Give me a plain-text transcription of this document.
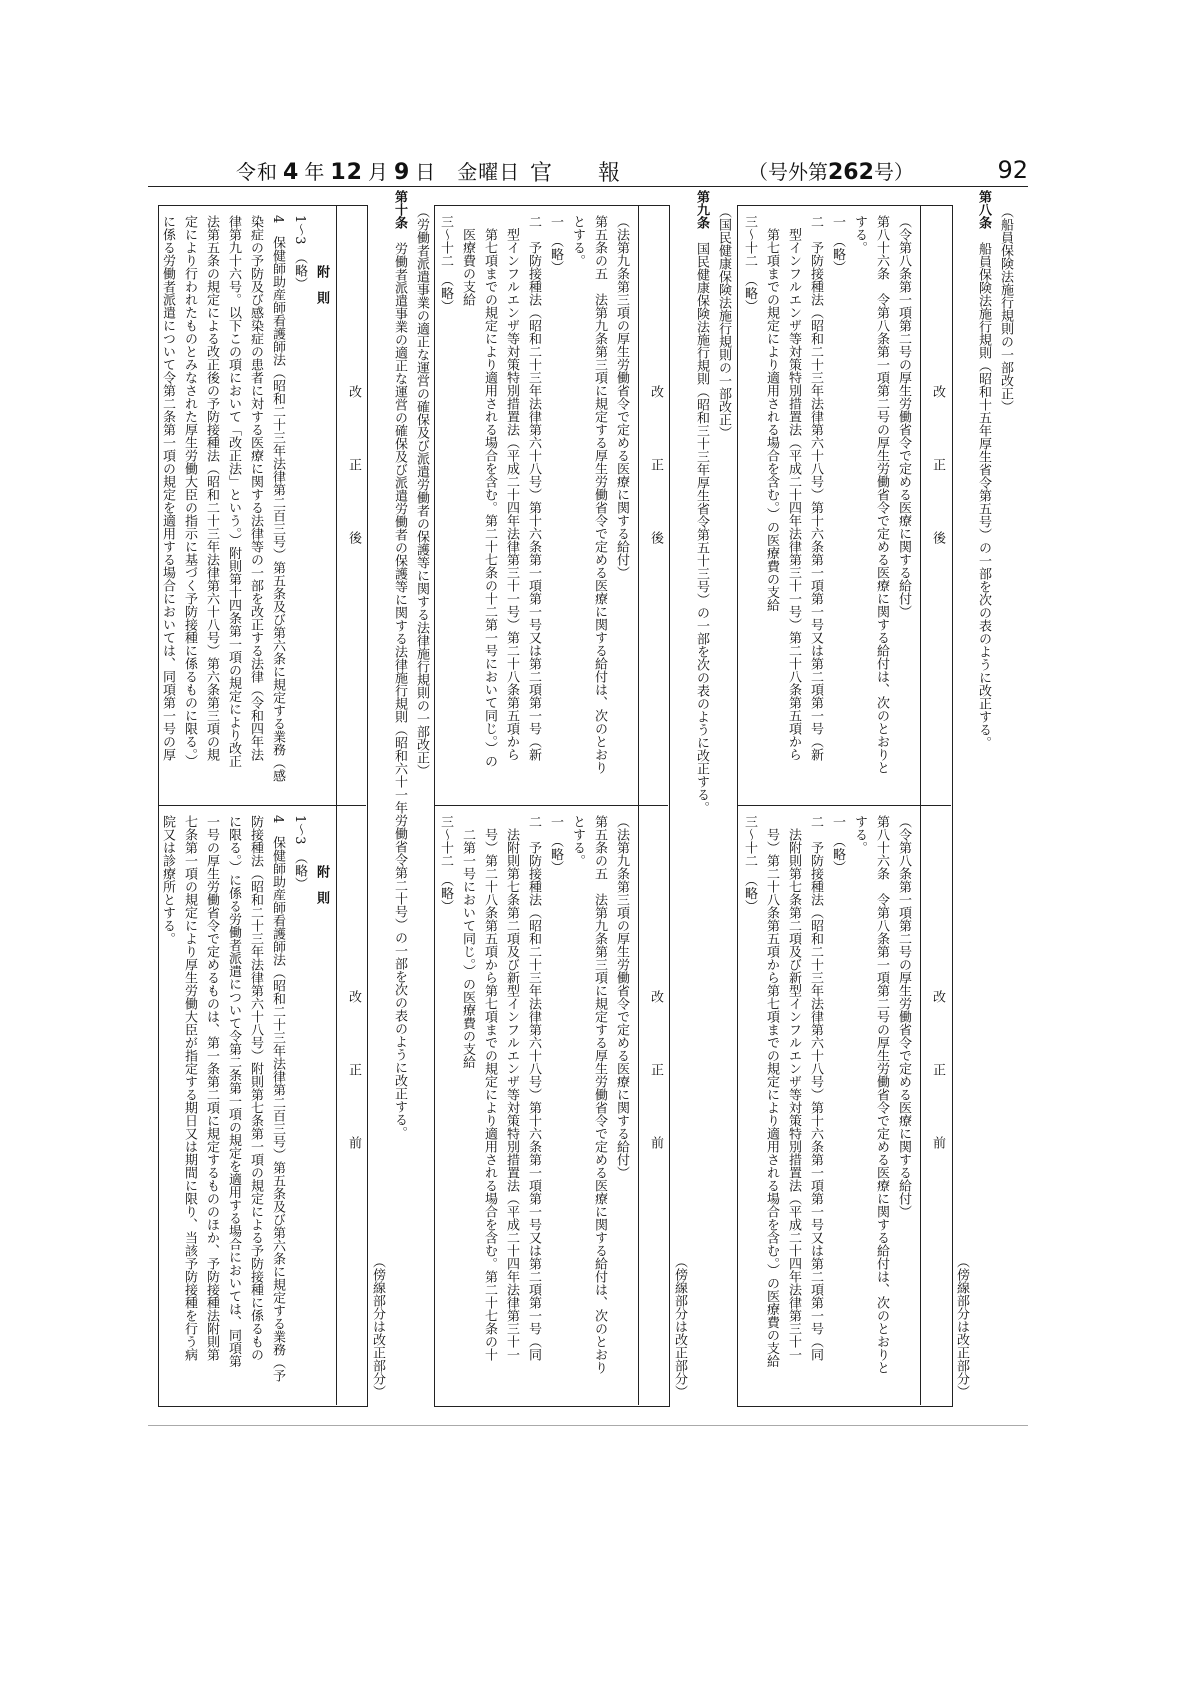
令和  4  年  12  月  9  日　 金曜日 官報	（号外第262号）	92
（船員保険法施行規則の一部改正）
第八条　船員保険法施行規則（昭和十五年厚生省令第五号）の一部を次の表のように改正する。
（傍線部分は改正部分）
改正後
改正前
（令第八条第一項第二号の厚生労働省令で定める医療に関する給付）
第八十六条　令第八条第一項第二号の厚生労働省令で定める医療に関する給付は、次のとおりと
する。
一　（略）
二　予防接種法（昭和二十三年法律第六十八号）第十六条第一項第一号又は第二項第一号（新
　型インフルエンザ等対策特別措置法（平成二十四年法律第三十一号）第二十八条第五項から
　第七項までの規定により適用される場合を含む。）の医療費の支給
三〜十二　（略）
（令第八条第一項第二号の厚生労働省令で定める医療に関する給付）
第八十六条　令第八条第一項第二号の厚生労働省令で定める医療に関する給付は、次のとおりと
する。
一　（略）
二　予防接種法（昭和二十三年法律第六十八号）第十六条第一項第一号又は第二項第一号（同
　法附則第七条第二項及び新型インフルエンザ等対策特別措置法（平成二十四年法律第三十一
　号）第二十八条第五項から第七項までの規定により適用される場合を含む。）の医療費の支給
三〜十二　（略）
（国民健康保険法施行規則の一部改正）
第九条　国民健康保険法施行規則（昭和三十三年厚生省令第五十三号）の一部を次の表のように改正する。
（傍線部分は改正部分）
改正後
改正前
（法第九条第三項の厚生労働省令で定める医療に関する給付）
第五条の五　法第九条第三項に規定する厚生労働省令で定める医療に関する給付は、次のとおり
とする。
一　（略）
二　予防接種法（昭和二十三年法律第六十八号）第十六条第一項第一号又は第二項第一号（新
　型インフルエンザ等対策特別措置法（平成二十四年法律第三十一号）第二十八条第五項から
　第七項までの規定により適用される場合を含む。第二十七条の十二第一号において同じ。）の
　医療費の支給
三〜十二　（略）
（法第九条第三項の厚生労働省令で定める医療に関する給付）
第五条の五　法第九条第三項に規定する厚生労働省令で定める医療に関する給付は、次のとおり
とする。
一　（略）
二　予防接種法（昭和二十三年法律第六十八号）第十六条第一項第一号又は第二項第一号（同
　法附則第七条第二項及び新型インフルエンザ等対策特別措置法（平成二十四年法律第三十一
　号）第二十八条第五項から第七項までの規定により適用される場合を含む。第二十七条の十
　二第一号において同じ。）の医療費の支給
三〜十二　（略）
（労働者派遣事業の適正な運営の確保及び派遣労働者の保護等に関する法律施行規則の一部改正）
第十条　労働者派遣事業の適正な運営の確保及び派遣労働者の保護等に関する法律施行規則（昭和六十一年労働省令第二十号）の一部を次の表のように改正する。
（傍線部分は改正部分）
改正後
改正前
附　則
1〜3　（略）
4　保健師助産師看護師法（昭和二十三年法律第二百三号）第五条及び第六条に規定する業務（感
染症の予防及び感染症の患者に対する医療に関する法律等の一部を改正する法律（令和四年法
律第九十六号。以下この項において「改正法」という。）附則第十四条第一項の規定により改正
法第五条の規定による改正後の予防接種法（昭和二十三年法律第六十八号）第六条第三項の規
定により行われたものとみなされた厚生労働大臣の指示に基づく予防接種に係るものに限る。）
に係る労働者派遣について令第二条第一項の規定を適用する場合においては、同項第一号の厚
附　則
1〜3　（略）
4　保健師助産師看護師法（昭和二十三年法律第二百三号）第五条及び第六条に規定する業務（予
防接種法（昭和二十三年法律第六十八号）附則第七条第一項の規定による予防接種に係るもの
に限る。）に係る労働者派遣について令第二条第一項の規定を適用する場合においては、同項第
一号の厚生労働省令で定めるものは、第一条第二項に規定するもののほか、予防接種法附則第
七条第一項の規定により厚生労働大臣が指定する期日又は期間に限り、当該予防接種を行う病
院又は診療所とする。
